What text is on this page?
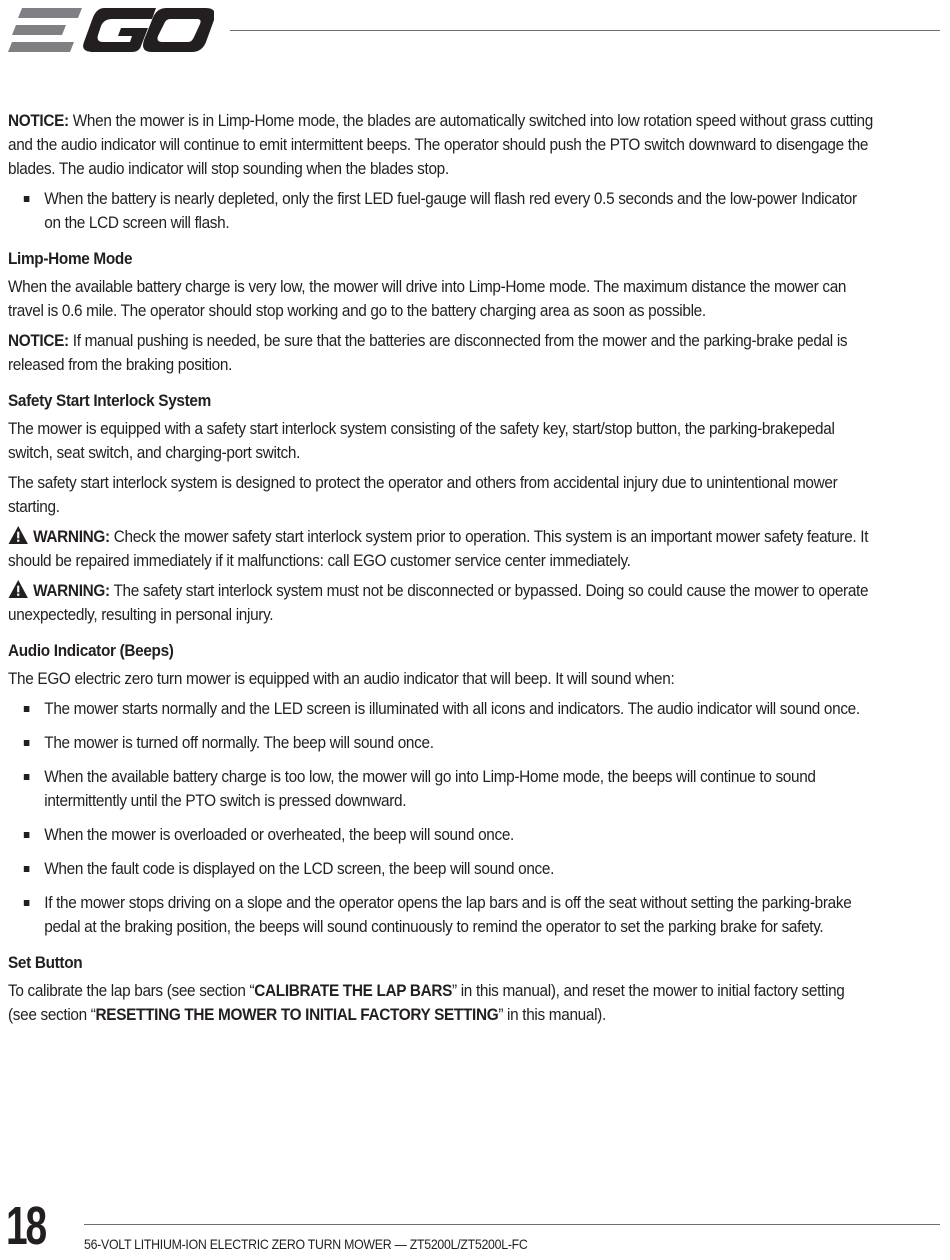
NOTICE: When the mower is in Limp-Home mode, the blades are automatically switched into low rotation speed without grass cutting and the audio indicator will continue to emit intermittent beeps. The operator should push the PTO switch downward to disengage the blades. The audio indicator will stop sounding when the blades stop.

When the battery is nearly depleted, only the first LED fuel-gauge will flash red every 0.5 seconds and the low-power Indicator on the LCD screen will flash.

Limp-Home Mode

When the available battery charge is very low, the mower will drive into Limp-Home mode. The maximum distance the mower can travel is 0.6 mile. The operator should stop working and go to the battery charging area as soon as possible.

NOTICE: If manual pushing is needed, be sure that the batteries are disconnected from the mower and the parking-brake pedal is released from the braking position.

Safety Start Interlock System

The mower is equipped with a safety start interlock system consisting of the safety key, start/stop button, the parking-brakepedal switch, seat switch, and charging-port switch.

The safety start interlock system is designed to protect the operator and others from accidental injury due to unintentional mower starting.

WARNING: Check the mower safety start interlock system prior to operation. This system is an important mower safety feature. It should be repaired immediately if it malfunctions: call EGO customer service center immediately.

WARNING: The safety start interlock system must not be disconnected or bypassed. Doing so could cause the mower to operate unexpectedly, resulting in personal injury.

Audio Indicator (Beeps)

The EGO electric zero turn mower is equipped with an audio indicator that will beep. It will sound when:

The mower starts normally and the LED screen is illuminated with all icons and indicators. The audio indicator will sound once.
The mower is turned off normally. The beep will sound once.
When the available battery charge is too low, the mower will go into Limp-Home mode, the beeps will continue to sound intermittently until the PTO switch is pressed downward.
When the mower is overloaded or overheated, the beep will sound once.
When the fault code is displayed on the LCD screen, the beep will sound once.
If the mower stops driving on a slope and the operator opens the lap bars and is off the seat without setting the parking-brake pedal at the braking position, the beeps will sound continuously to remind the operator to set the parking brake for safety.

Set Button

To calibrate the lap bars (see section “CALIBRATE THE LAP BARS” in this manual), and reset the mower to initial factory setting (see section “RESETTING THE MOWER TO INITIAL FACTORY SETTING” in this manual).

18	56-VOLT LITHIUM-ION ELECTRIC ZERO TURN MOWER — ZT5200L/ZT5200L-FC
